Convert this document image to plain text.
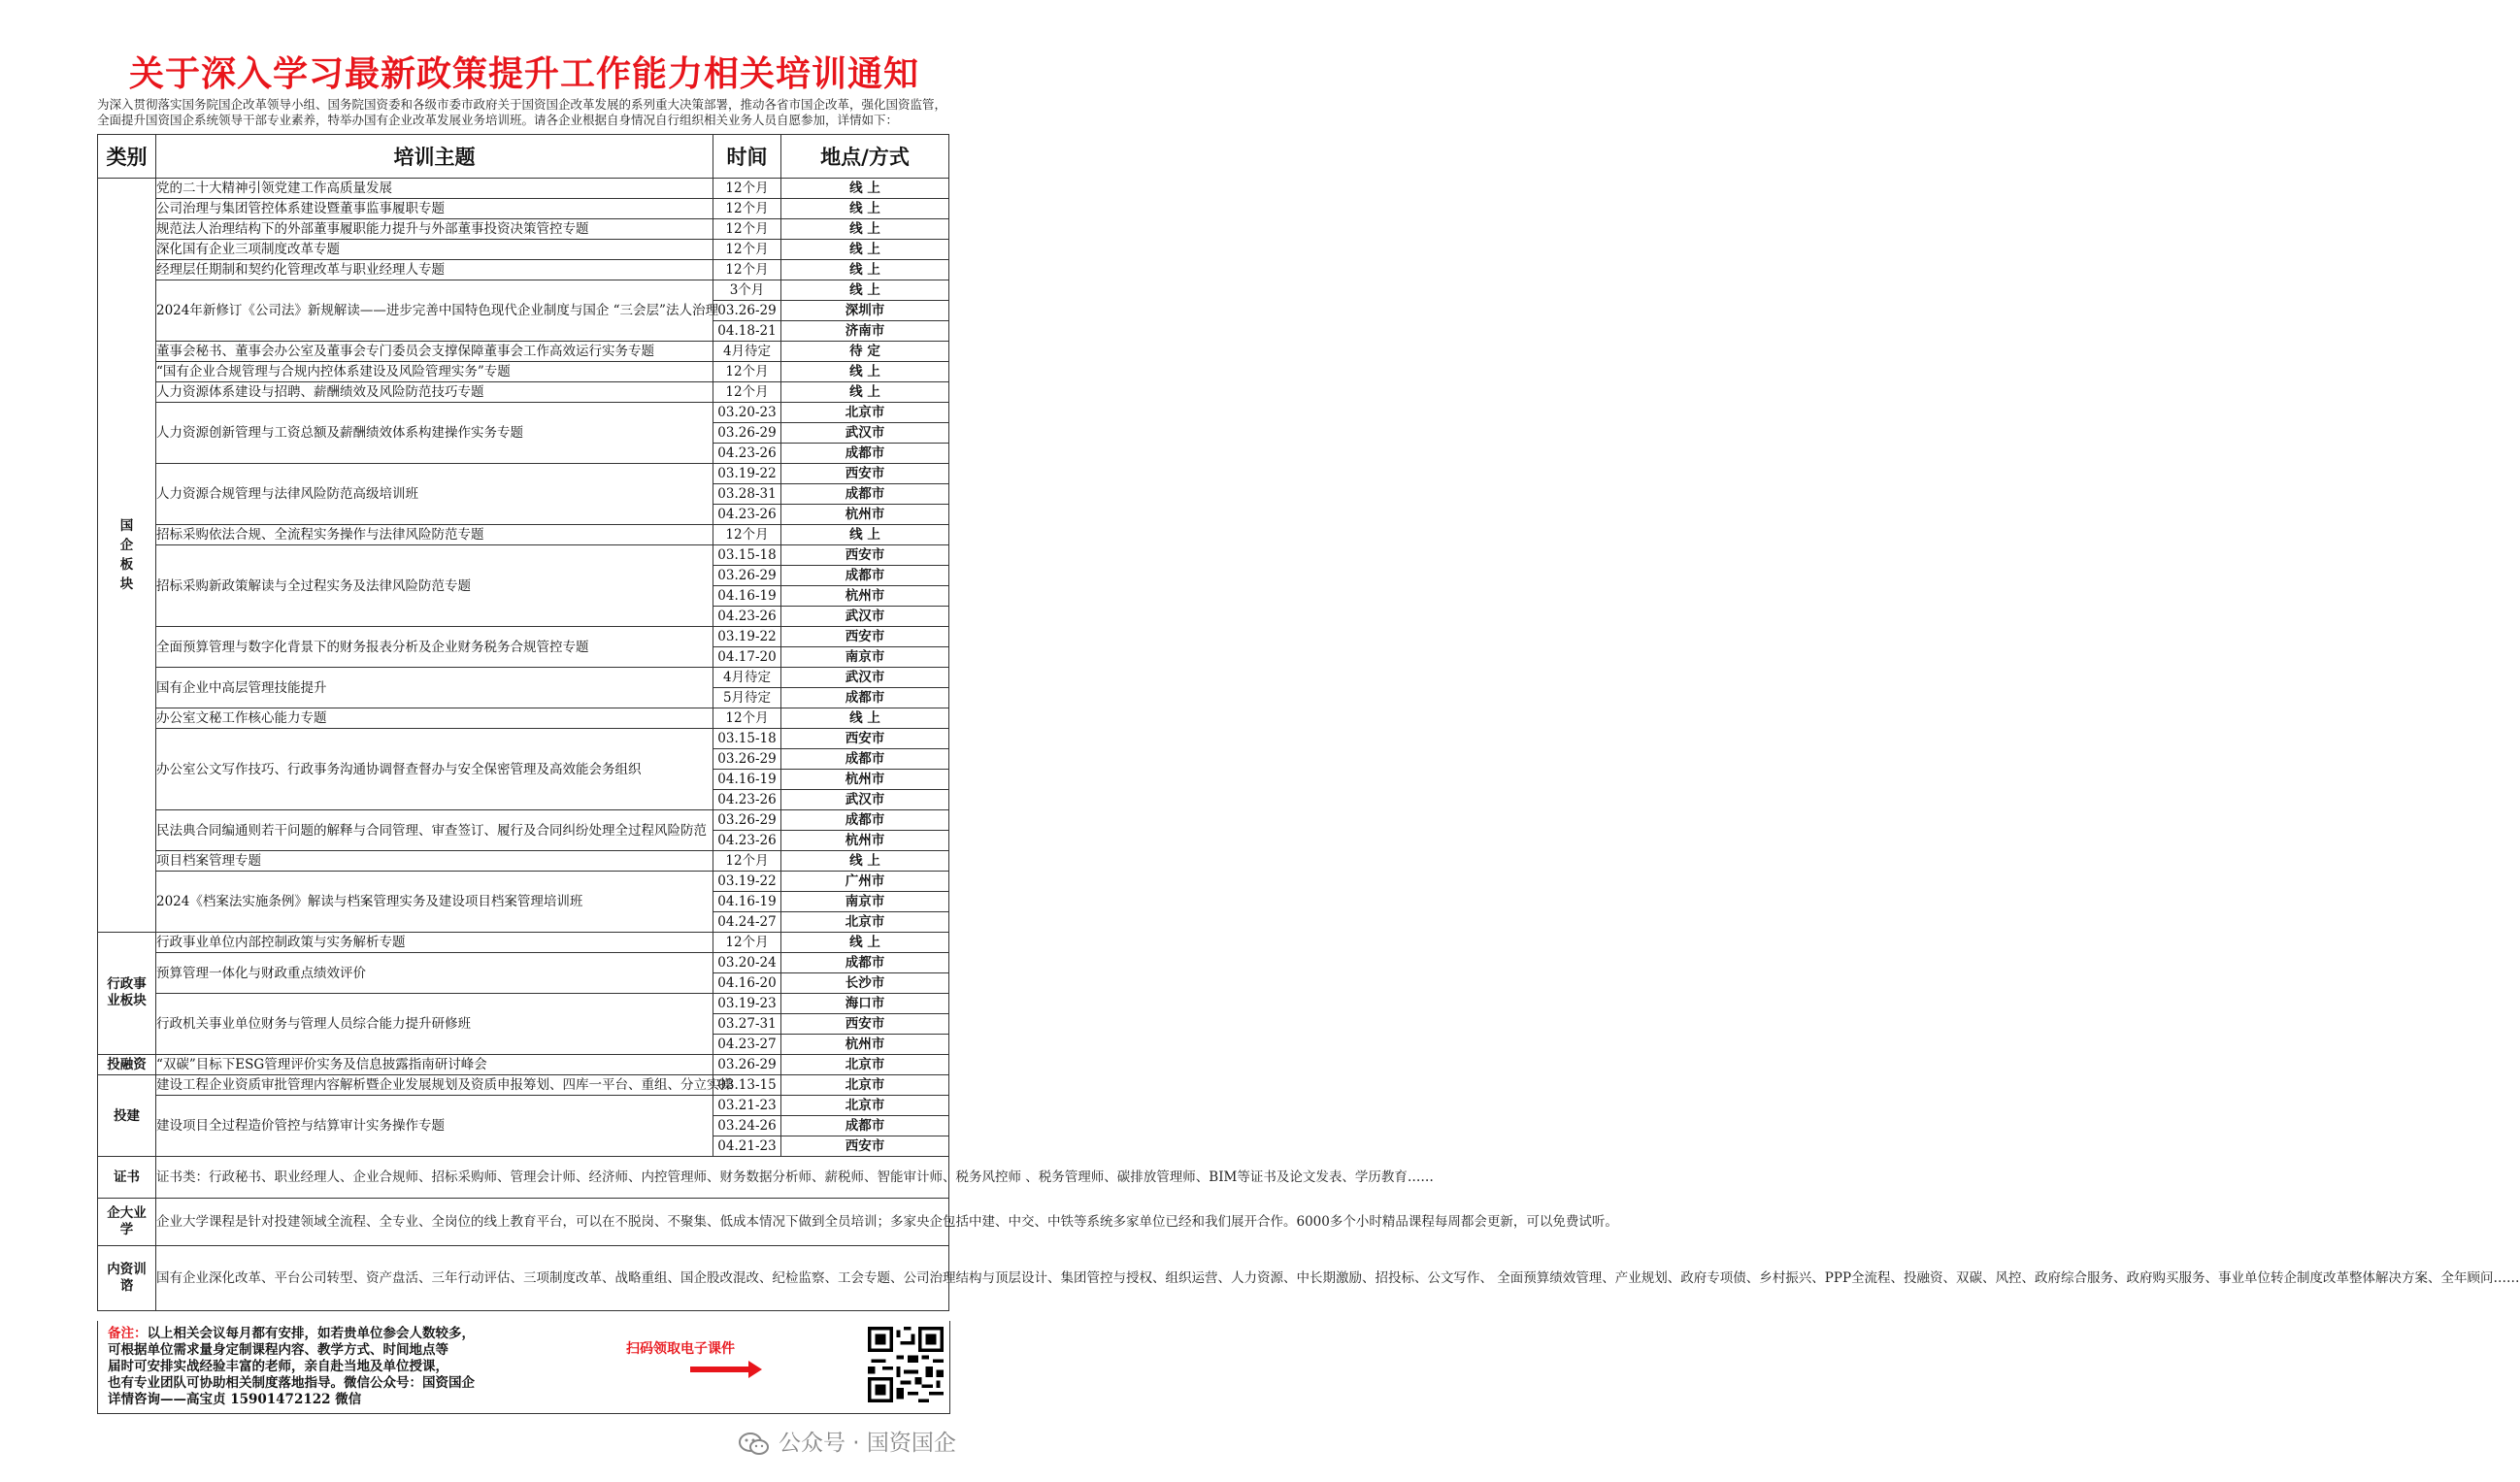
关于深入学习最新政策提升工作能力相关培训通知
为深入贯彻落实国务院国企改革领导小组、国务院国资委和各级市委市政府关于国资国企改革发展的系列重大决策部署，推动各省市国企改革，强化国资监管，全面提升国资国企系统领导干部专业素养，特举办国有企业改革发展业务培训班。请各企业根据自身情况自行组织相关业务人员自愿参加，详情如下：
类别	培训主题	时间	地点/方式
国企板块	党的二十大精神引领党建工作高质量发展	12个月	线 上
	公司治理与集团管控体系建设暨董事监事履职专题	12个月	线 上
	规范法人治理结构下的外部董事履职能力提升与外部董事投资决策管控专题	12个月	线 上
	深化国有企业三项制度改革专题	12个月	线 上
	经理层任期制和契约化管理改革与职业经理人专题	12个月	线 上
	2024年新修订《公司法》新规解读——进步完善中国特色现代企业制度与国企 “三会层”法人治理	3个月	线 上
		03.26-29	深圳市
		04.18-21	济南市
	董事会秘书、董事会办公室及董事会专门委员会支撑保障董事会工作高效运行实务专题	4月待定	待 定
	“国有企业合规管理与合规内控体系建设及风险管理实务”专题	12个月	线 上
	人力资源体系建设与招聘、薪酬绩效及风险防范技巧专题	12个月	线 上
	人力资源创新管理与工资总额及薪酬绩效体系构建操作实务专题	03.20-23	北京市
		03.26-29	武汉市
		04.23-26	成都市
	人力资源合规管理与法律风险防范高级培训班	03.19-22	西安市
		03.28-31	成都市
		04.23-26	杭州市
	招标采购依法合规、全流程实务操作与法律风险防范专题	12个月	线 上
	招标采购新政策解读与全过程实务及法律风险防范专题	03.15-18	西安市
		03.26-29	成都市
		04.16-19	杭州市
		04.23-26	武汉市
	全面预算管理与数字化背景下的财务报表分析及企业财务税务合规管控专题	03.19-22	西安市
		04.17-20	南京市
	国有企业中高层管理技能提升	4月待定	武汉市
		5月待定	成都市
	办公室文秘工作核心能力专题	12个月	线 上
	办公室公文写作技巧、行政事务沟通协调督查督办与安全保密管理及高效能会务组织	03.15-18	西安市
		03.26-29	成都市
		04.16-19	杭州市
		04.23-26	武汉市
	民法典合同编通则若干问题的解释与合同管理、审查签订、履行及合同纠纷处理全过程风险防范	03.26-29	成都市
		04.23-26	杭州市
	项目档案管理专题	12个月	线 上
	2024《档案法实施条例》解读与档案管理实务及建设项目档案管理培训班	03.19-22	广州市
		04.16-19	南京市
		04.24-27	北京市
行政事业板块	行政事业单位内部控制政策与实务解析专题	12个月	线 上
	预算管理一体化与财政重点绩效评价	03.20-24	成都市
		04.16-20	长沙市
	行政机关事业单位财务与管理人员综合能力提升研修班	03.19-23	海口市
		03.27-31	西安市
		04.23-27	杭州市
投融资	“双碳”目标下ESG管理评价实务及信息披露指南研讨峰会	03.26-29	北京市
投建	建设工程企业资质审批管理内容解析暨企业发展规划及资质申报筹划、四库一平台、重组、分立实操	03.13-15	北京市
	建设项目全过程造价管控与结算审计实务操作专题	03.21-23	北京市
		03.24-26	成都市
		04.21-23	西安市
证书	证书类：行政秘书、职业经理人、企业合规师、招标采购师、管理会计师、经济师、内控管理师、财务数据分析师、薪税师、智能审计师、税务风控师 、税务管理师、碳排放管理师、BIM等证书及论文发表、学历教育……		
企大业学	企业大学课程是针对投建领域全流程、全专业、全岗位的线上教育平台，可以在不脱岗、不聚集、低成本情况下做到全员培训；多家央企包括中建、中交、中铁等系统多家单位已经和我们展开合作。6000多个小时精品课程每周都会更新，可以免费试听。		
内资训谘	国有企业深化改革、平台公司转型、资产盘活、三年行动评估、三项制度改革、战略重组、国企股改混改、纪检监察、工会专题、公司治理结构与顶层设计、集团管控与授权、组织运营、人力资源、中长期激励、招投标、公文写作、 全面预算绩效管理、产业规划、政府专项债、乡村振兴、PPP全流程、投融资、双碳、风控、政府综合服务、政府购买服务、事业单位转企制度改革整体解决方案、全年顾问……		
备注：以上相关会议每月都有安排，如若贵单位参会人数较多，
可根据单位需求量身定制课程内容、教学方式、时间地点等
届时可安排实战经验丰富的老师，亲自赴当地及单位授课，
也有专业团队可协助相关制度落地指导。微信公众号：国资国企
详情咨询——高宝贞 15901472122 微信
扫码领取电子课件
公众号 · 国资国企
